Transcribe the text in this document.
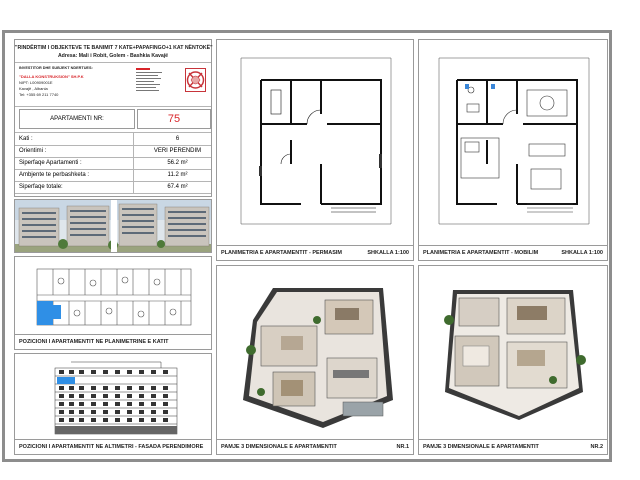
"RINDËRTIM I OBJEKTEVE TE BANIMIT 7 KATE+PAPAFINGO+1 KAT NËNTOKË"
Adresa: Mali i Robit, Golem - Bashkia Kavajë
INVESTITOR DHE SUBJEKT NDERTUES:
"DALLA KONSTRUKSION" SH.P.K
NIPT: L00909001E
Kavajë , Albania
Tel: +355 69 211 7740
APARTAMENTI NR:	75
Kati :	6
Orientimi :	VERI PERENDIM
Siperfaqe Apartamenti :	56.2 m²
Ambjente te perbashketa :	11.2 m²
Siperfaqe totale:	67.4 m²
POZICIONI I APARTAMENTIT NE PLANIMETRINE E KATIT
POZICIONI I APARTAMENTIT NE ALTIMETRI - FASADA PERENDIMORE
PLANIMETRIA E APARTAMENTIT - PERMASIM	SHKALLA 1:100	PLANIMETRIA E APARTAMENTIT - MOBILIM	SHKALLA 1:100
PAMJE 3 DIMENSIONALE E APARTAMENTIT	NR.1	PAMJE 3 DIMENSIONALE E APARTAMENTIT	NR.2
